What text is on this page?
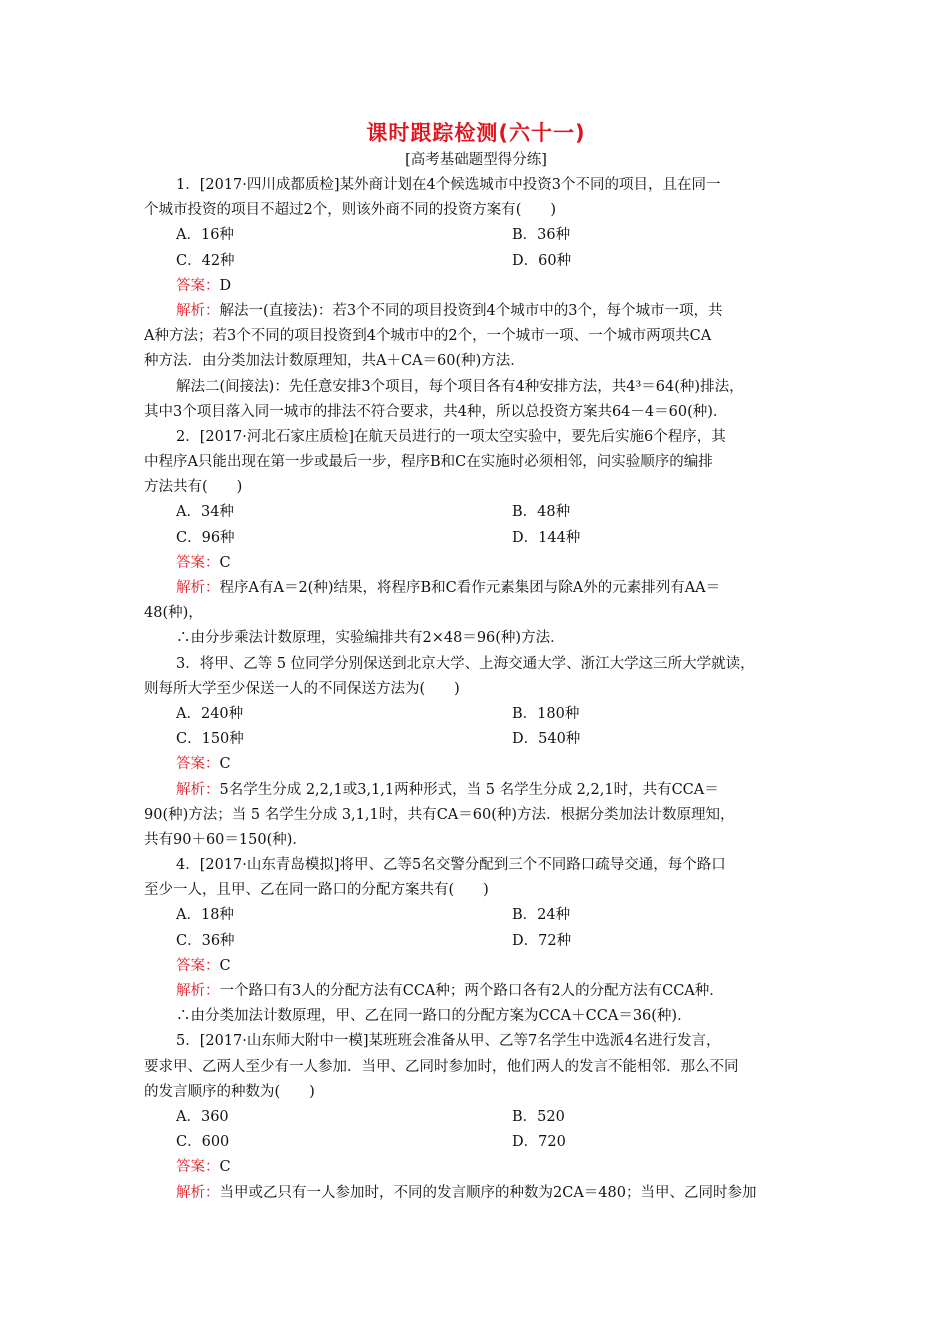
课时跟踪检测(六十一)
[高考基础题型得分练]
1．[2017·四川成都质检]某外商计划在4个候选城市中投资3个不同的项目，且在同一
个城市投资的项目不超过2个，则该外商不同的投资方案有(　　)
A．16种	B．36种
C．42种	D．60种
答案：D
解析：解法一(直接法)：若3个不同的项目投资到4个城市中的3个，每个城市一项，共
A种方法；若3个不同的项目投资到4个城市中的2个，一个城市一项、一个城市两项共CA
种方法．由分类加法计数原理知，共A＋CA＝60(种)方法．
解法二(间接法)：先任意安排3个项目，每个项目各有4种安排方法，共4³＝64(种)排法，
其中3个项目落入同一城市的排法不符合要求，共4种，所以总投资方案共64－4＝60(种)．
2．[2017·河北石家庄质检]在航天员进行的一项太空实验中，要先后实施6个程序，其
中程序A只能出现在第一步或最后一步，程序B和C在实施时必须相邻，问实验顺序的编排
方法共有(　　)
A．34种	B．48种
C．96种	D．144种
答案：C
解析：程序A有A＝2(种)结果，将程序B和C看作元素集团与除A外的元素排列有AA＝
48(种)，
∴由分步乘法计数原理，实验编排共有2×48＝96(种)方法．
3．将甲、乙等 5 位同学分别保送到北京大学、上海交通大学、浙江大学这三所大学就读，
则每所大学至少保送一人的不同保送方法为(　　)
A．240种	B．180种
C．150种	D．540种
答案：C
解析：5名学生分成 2,2,1或3,1,1两种形式，当 5 名学生分成 2,2,1时，共有CCA＝
90(种)方法；当 5 名学生分成 3,1,1时，共有CA＝60(种)方法．根据分类加法计数原理知，
共有90＋60＝150(种)．
4．[2017·山东青岛模拟]将甲、乙等5名交警分配到三个不同路口疏导交通，每个路口
至少一人，且甲、乙在同一路口的分配方案共有(　　)
A．18种	B．24种
C．36种	D．72种
答案：C
解析：一个路口有3人的分配方法有CCA种；两个路口各有2人的分配方法有CCA种．
∴由分类加法计数原理，甲、乙在同一路口的分配方案为CCA＋CCA＝36(种)．
5．[2017·山东师大附中一模]某班班会准备从甲、乙等7名学生中选派4名进行发言，
要求甲、乙两人至少有一人参加．当甲、乙同时参加时，他们两人的发言不能相邻．那么不同
的发言顺序的种数为(　　)
A．360	B．520
C．600	D．720
答案：C
解析：当甲或乙只有一人参加时，不同的发言顺序的种数为2CA＝480；当甲、乙同时参加
